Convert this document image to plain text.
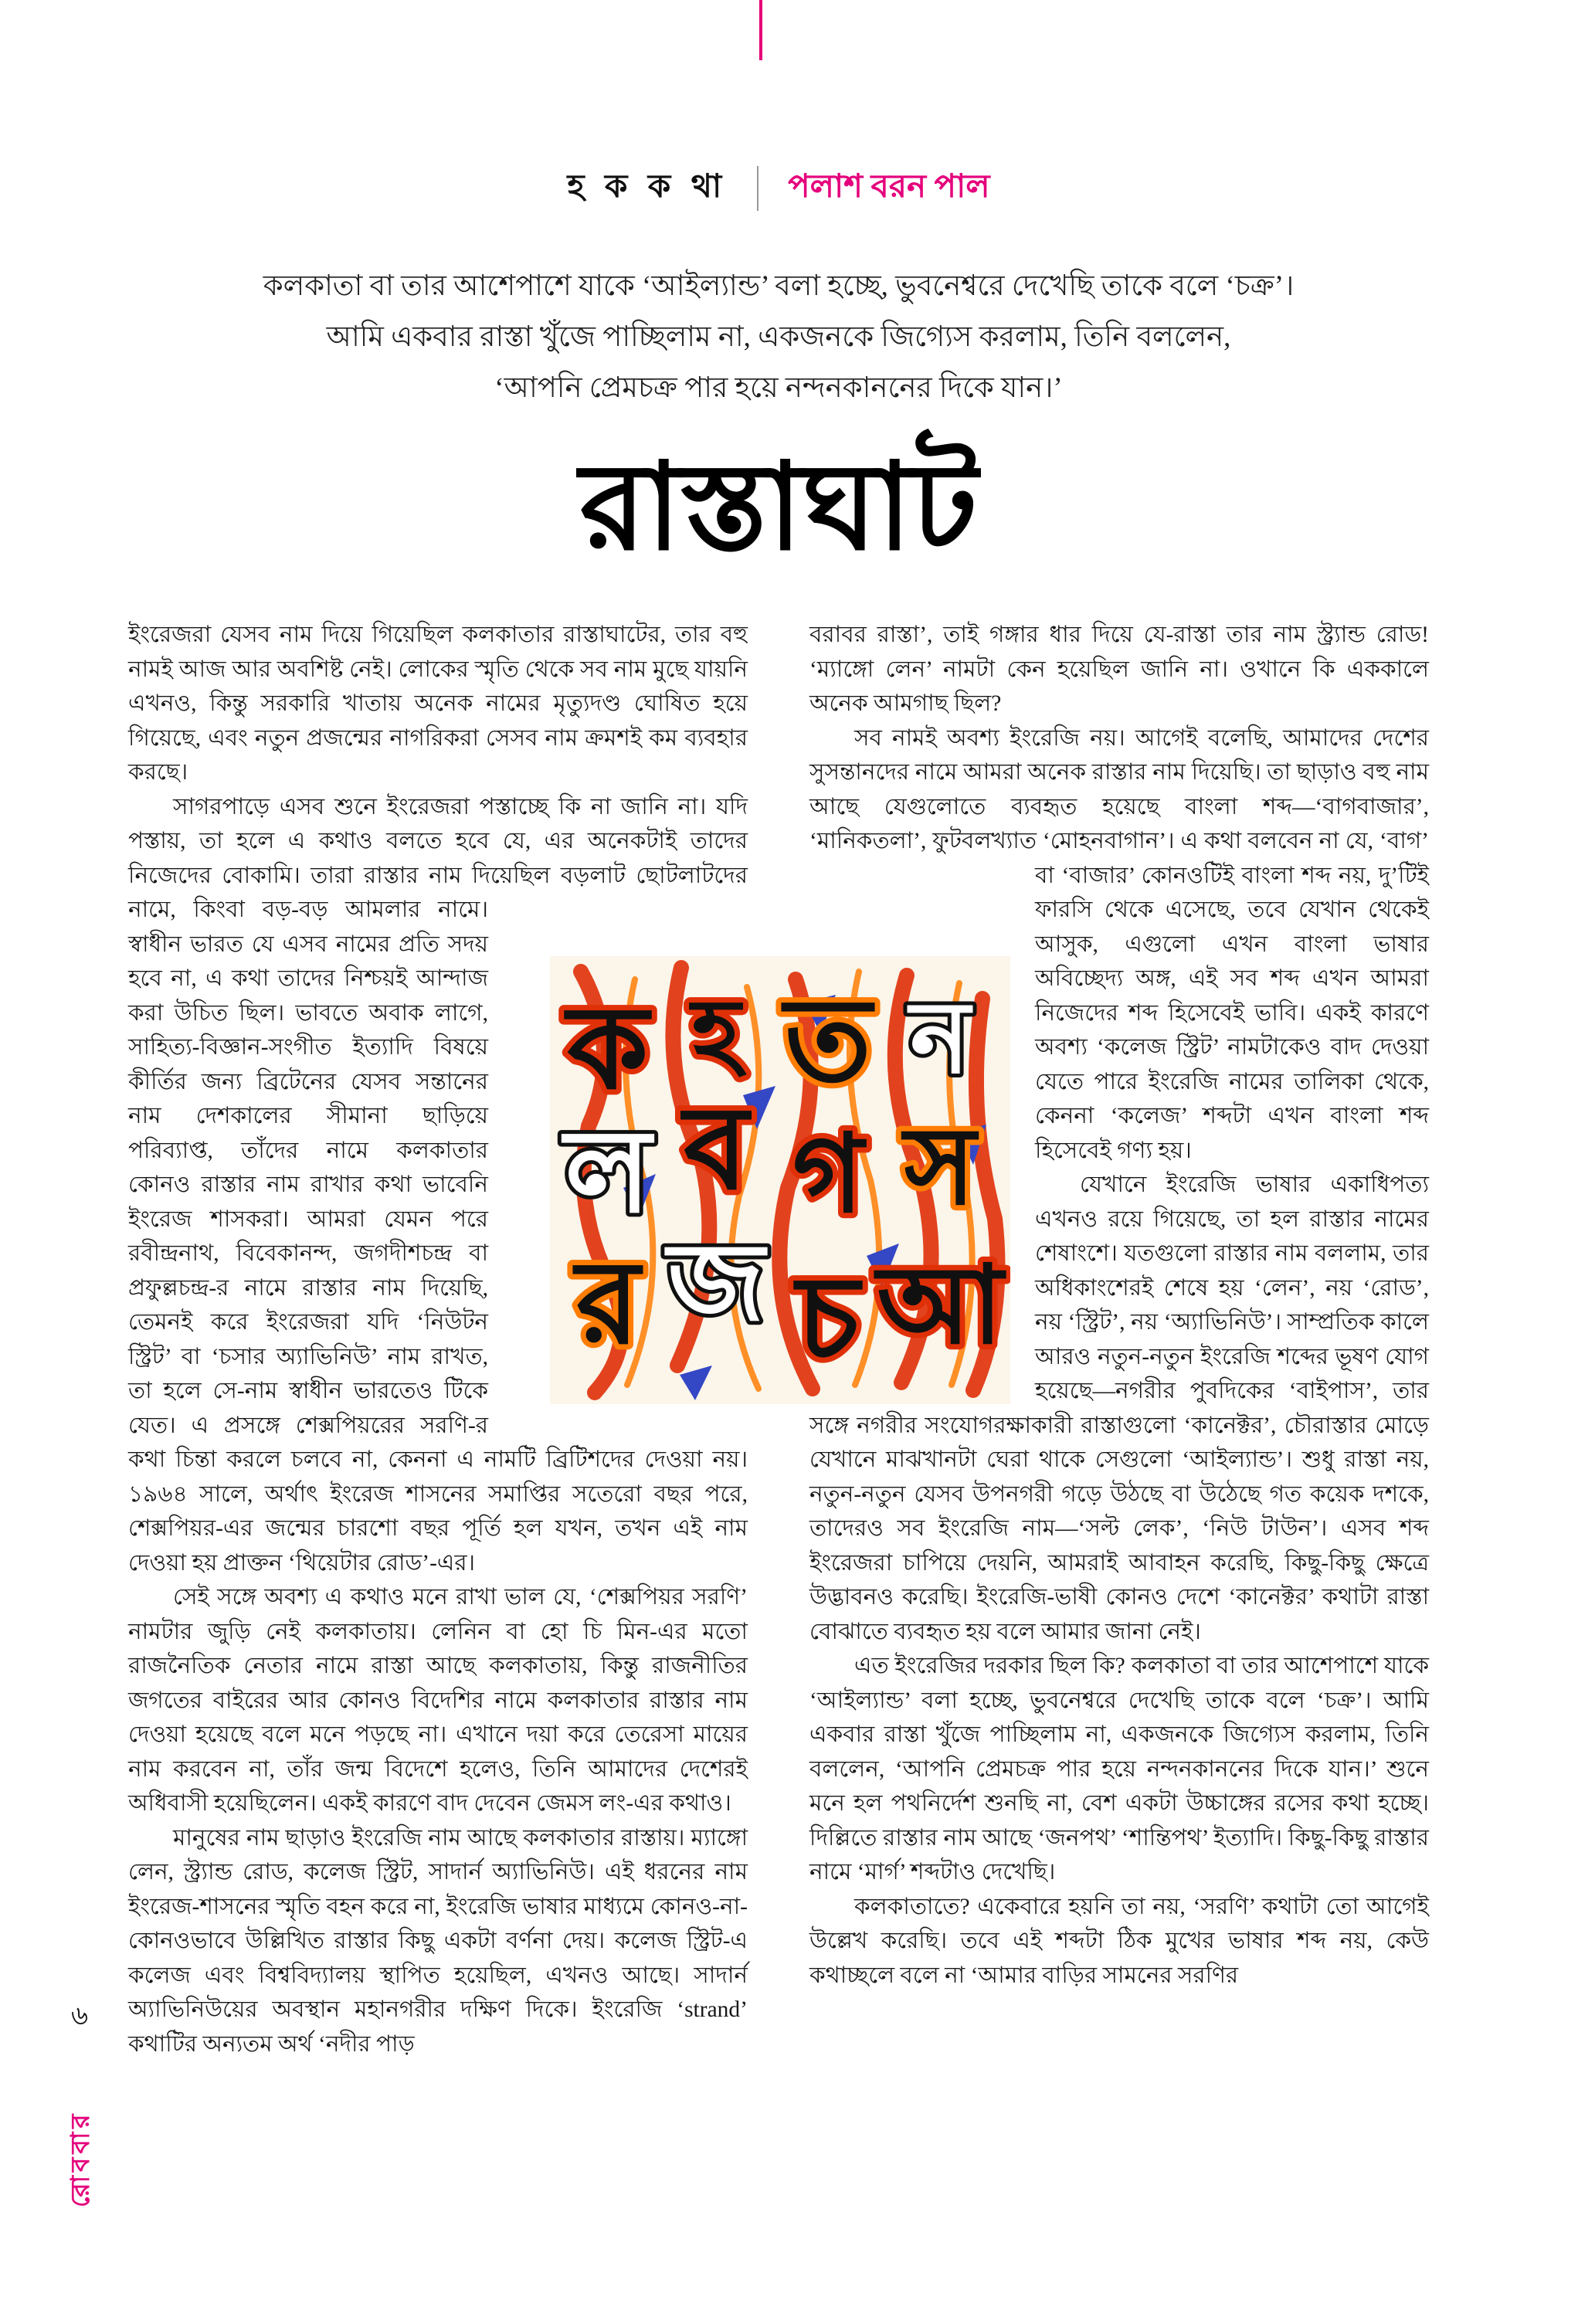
হ ক ক থা পলাশ বরন পাল
কলকাতা বা তার আশেপাশে যাকে ‘আইল্যান্ড’ বলা হচ্ছে, ভুবনেশ্বরে দেখেছি তাকে বলে ‘চক্র’।
আমি একবার রাস্তা খুঁজে পাচ্ছিলাম না, একজনকে জিগ্যেস করলাম, তিনি বললেন,
‘আপনি প্রেমচক্র পার হয়ে নন্দনকাননের দিকে যান।’
রাস্তাঘাট

ইংরেজরা যেসব নাম দিয়ে গিয়েছিল কলকাতার রাস্তাঘাটের, তার বহু নামই আজ আর অবশিষ্ট নেই। লোকের স্মৃতি থেকে সব নাম মুছে যায়নি এখনও, কিন্তু সরকারি খাতায় অনেক নামের মৃত্যুদণ্ড ঘোষিত হয়ে গিয়েছে, এবং নতুন প্রজন্মের নাগরিকরা সেসব নাম ক্রমশই কম ব্যবহার করছে।

সাগরপাড়ে এসব শুনে ইংরেজরা পস্তাচ্ছে কি না জানি না। যদি পস্তায়, তা হলে এ কথাও বলতে হবে যে, এর অনেকটাই তাদের নিজেদের বোকামি। তারা রাস্তার নাম দিয়েছিল বড়লাট
ছোটলাটদের নামে, কিংবা বড়-বড় আমলার নামে। স্বাধীন ভারত যে এসব নামের প্রতি সদয় হবে না, এ কথা তাদের নিশ্চয়ই আন্দাজ করা উচিত ছিল। ভাবতে অবাক লাগে, সাহিত্য-বিজ্ঞান-সংগীত ইত্যাদি বিষয়ে কীর্তির জন্য ব্রিটেনের যেসব সন্তানের নাম দেশকালের সীমানা ছাড়িয়ে পরিব্যাপ্ত, তাঁদের নামে কলকাতার কোনও রাস্তার নাম রাখার কথা ভাবেনি ইংরেজ শাসকরা। আমরা যেমন পরে রবীন্দ্রনাথ, বিবেকানন্দ, জগদীশচন্দ্র বা প্রফুল্লচন্দ্র-র নামে রাস্তার নাম দিয়েছি, তেমনই করে ইংরেজরা যদি ‘নিউটন স্ট্রিট’ বা ‘চসার অ্যাভিনিউ’ নাম রাখত, তা হলে সে-নাম স্বাধীন ভারতেও টিকে যেত। এ প্রসঙ্গে শেক্সপিয়রের সরণি-র কথা চিন্তা করলে চলবে না, কেননা এ নামটি ব্রিটিশদের দেওয়া নয়। ১৯৬৪ সালে, অর্থাৎ ইংরেজ শাসনের সমাপ্তির সতেরো বছর পরে, শেক্সপিয়র-এর জন্মের চারশো বছর পূর্তি হল যখন, তখন এই নাম দেওয়া হয় প্রাক্তন ‘থিয়েটার রোড’-এর।

সেই সঙ্গে অবশ্য এ কথাও মনে রাখা ভাল যে, ‘শেক্সপিয়র সরণি’ নামটার জুড়ি নেই কলকাতায়। লেনিন বা হো চি মিন-এর মতো রাজনৈতিক নেতার নামে রাস্তা আছে কলকাতায়, কিন্তু রাজনীতির জগতের বাইরের আর কোনও বিদেশির নামে কলকাতার রাস্তার নাম দেওয়া হয়েছে বলে মনে পড়ছে না। এখানে দয়া করে তেরেসা মায়ের নাম করবেন না, তাঁর জন্ম বিদেশে হলেও, তিনি আমাদের দেশেরই অধিবাসী হয়েছিলেন। একই কারণে বাদ দেবেন জেমস লং-এর কথাও।

মানুষের নাম ছাড়াও ইংরেজি নাম আছে কলকাতার রাস্তায়। ম্যাঙ্গো লেন, স্ট্র্যান্ড রোড, কলেজ স্ট্রিট, সাদার্ন অ্যাভিনিউ। এই ধরনের নাম ইংরেজ-শাসনের স্মৃতি বহন করে না, ইংরেজি ভাষার মাধ্যমে কোনও-না-কোনওভাবে উল্লিখিত রাস্তার কিছু একটা বর্ণনা দেয়। কলেজ স্ট্রিট-এ কলেজ এবং বিশ্ববিদ্যালয় স্থাপিত হয়েছিল, এখনও আছে। সাদার্ন অ্যাভিনিউয়ের অবস্থান মহানগরীর দক্ষিণ দিকে। ইংরেজি ‘strand’ কথাটির অন্যতম অর্থ ‘নদীর পাড়

বরাবর রাস্তা’, তাই গঙ্গার ধার দিয়ে যে-রাস্তা তার নাম স্ট্র্যান্ড রোড! ‘ম্যাঙ্গো লেন’ নামটা কেন হয়েছিল জানি না। ওখানে কি এককালে অনেক আমগাছ ছিল?

সব নামই অবশ্য ইংরেজি নয়। আগেই বলেছি, আমাদের দেশের সুসন্তানদের নামে আমরা অনেক রাস্তার নাম দিয়েছি। তা ছাড়াও বহু নাম আছে যেগুলোতে ব্যবহৃত হয়েছে বাংলা শব্দ—‘বাগবাজার’, ‘মানিকতলা’, ফুটবলখ্যাত ‘মোহনবাগান’। এ কথা বলবেন না যে, ‘বাগ’ বা ‘বাজার’ কোনওটিই বাংলা শব্দ নয়,
দু’টিই ফারসি থেকে এসেছে, তবে যেখান থেকেই আসুক, এগুলো এখন বাংলা ভাষার অবিচ্ছেদ্য অঙ্গ, এই সব শব্দ এখন আমরা নিজেদের শব্দ হিসেবেই ভাবি। একই কারণে অবশ্য ‘কলেজ স্ট্রিট’ নামটাকেও বাদ দেওয়া যেতে পারে ইংরেজি নামের তালিকা থেকে, কেননা ‘কলেজ’ শব্দটা এখন বাংলা শব্দ হিসেবেই গণ্য হয়।

যেখানে ইংরেজি ভাষার একাধিপত্য এখনও রয়ে গিয়েছে, তা হল রাস্তার নামের শেষাংশে। যতগুলো রাস্তার নাম বললাম, তার অধিকাংশেরই শেষে হয় ‘লেন’, নয় ‘রোড’, নয় ‘স্ট্রিট’, নয় ‘অ্যাভিনিউ’। সাম্প্রতিক কালে আরও নতুন-নতুন ইংরেজি শব্দের ভূষণ যোগ হয়েছে—নগরীর পুবদিকের ‘বাইপাস’, তার সঙ্গে নগরীর সংযোগরক্ষাকারী রাস্তাগুলো ‘কানেক্টর’, চৌরাস্তার মোড়ে যেখানে মাঝখানটা ঘেরা থাকে সেগুলো ‘আইল্যান্ড’। শুধু রাস্তা নয়, নতুন-নতুন যেসব উপনগরী গড়ে উঠছে বা উঠেছে গত কয়েক দশকে, তাদেরও সব ইংরেজি নাম—‘সল্ট লেক’, ‘নিউ টাউন’। এসব শব্দ ইংরেজরা চাপিয়ে দেয়নি, আমরাই আবাহন করেছি, কিছু-কিছু ক্ষেত্রে উদ্ভাবনও করেছি। ইংরেজি-ভাষী কোনও দেশে ‘কানেক্টর’ কথাটা রাস্তা বোঝাতে ব্যবহৃত হয় বলে আমার জানা নেই।

এত ইংরেজির দরকার ছিল কি? কলকাতা বা তার আশেপাশে যাকে ‘আইল্যান্ড’ বলা হচ্ছে, ভুবনেশ্বরে দেখেছি তাকে বলে ‘চক্র’। আমি একবার রাস্তা খুঁজে পাচ্ছিলাম না, একজনকে জিগ্যেস করলাম, তিনি বললেন, ‘আপনি প্রেমচক্র পার হয়ে নন্দনকাননের দিকে যান।’ শুনে মনে হল পথনির্দেশ শুনছি না, বেশ একটা উচ্চাঙ্গের রসের কথা হচ্ছে। দিল্লিতে রাস্তার নাম আছে ‘জনপথ’ ‘শান্তিপথ’ ইত্যাদি। কিছু-কিছু রাস্তার নামে ‘মার্গ’ শব্দটাও দেখেছি।

কলকাতাতে? একেবারে হয়নি তা নয়, ‘সরণি’ কথাটা তো আগেই উল্লেখ করেছি। তবে এই শব্দটা ঠিক মুখের ভাষার শব্দ নয়, কেউ কথাচ্ছলে বলে না ‘আমার বাড়ির সামনের সরণির

ক
ব
চ আ
হ
গ
র
ত
স
ল
জ
ন
৬
রোববার
